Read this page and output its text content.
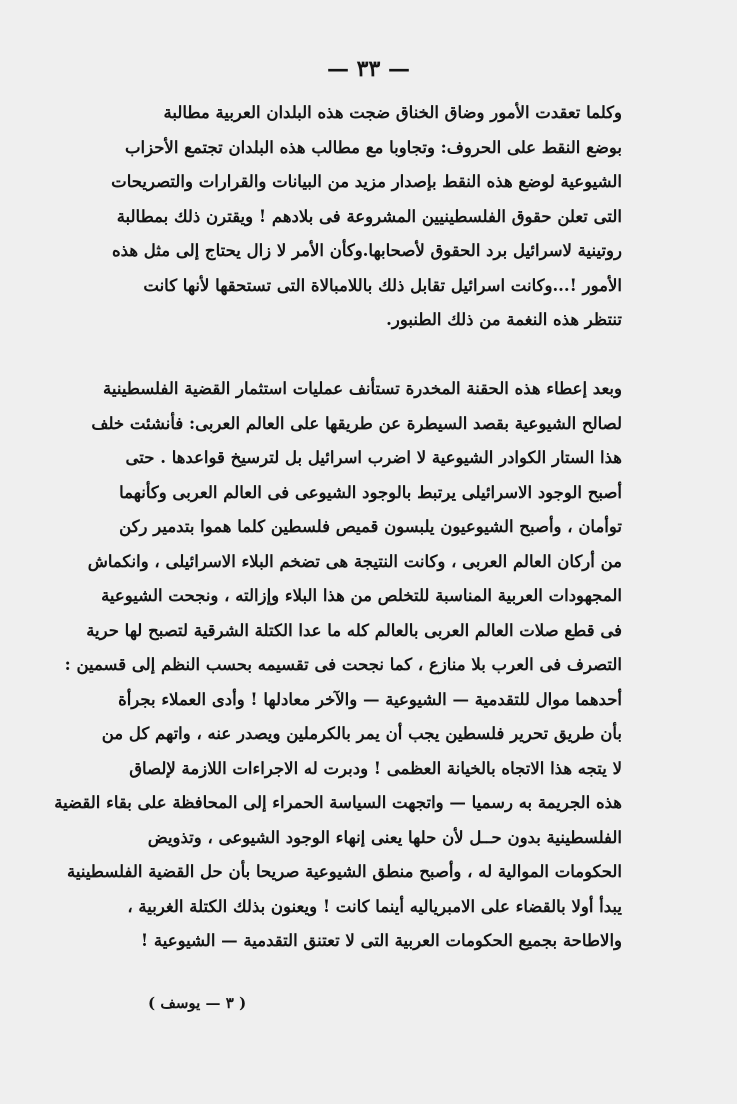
— ٣٣ —
وكلما تعقدت الأمور وضاق الخناق ضجت هذه البلدان العربية مطالبة
بوضع النقط على الحروف: وتجاوبا مع مطالب هذه البلدان تجتمع الأحزاب
الشيوعية لوضع هذه النقط بإصدار مزيد من البيانات والقرارات والتصريحات
التى تعلن حقوق الفلسطينيين المشروعة فى بلادهم ! ويقترن ذلك بمطالبة
روتينية لاسرائيل برد الحقوق لأصحابها.وكأن الأمر لا زال يحتاج إلى مثل هذه
الأمور !...وكانت اسرائيل تقابل ذلك باللامبالاة التى تستحقها لأنها كانت
تنتظر هذه النغمة من ذلك الطنبور.
وبعد إعطاء هذه الحقنة المخدرة تستأنف عمليات استثمار القضية الفلسطينية
لصالح الشيوعية بقصد السيطرة عن طريقها على العالم العربى: فأنشئت خلف
هذا الستار الكوادر الشيوعية لا اضرب اسرائيل بل لترسيخ قواعدها . حتى
أصبح الوجود الاسرائيلى يرتبط بالوجود الشيوعى فى العالم العربى وكأنهما
توأمان ، وأصبح الشيوعيون يلبسون قميص فلسطين كلما هموا بتدمير ركن
من أركان العالم العربى ، وكانت النتيجة هى تضخم البلاء الاسرائيلى ، وانكماش
المجهودات العربية المناسبة للتخلص من هذا البلاء وإزالته ، ونجحت الشيوعية
فى قطع صلات العالم العربى بالعالم كله ما عدا الكتلة الشرقية لتصبح لها حرية
التصرف فى العرب بلا منازع ، كما نجحت فى تقسيمه بحسب النظم إلى قسمين :
أحدهما موال للتقدمية — الشيوعية — والآخر معادلها ! وأدى العملاء بجرأة
بأن طريق تحرير فلسطين يجب أن يمر بالكرملين ويصدر عنه ، واتهم كل من
لا يتجه هذا الاتجاه بالخيانة العظمى ! ودبرت له الاجراءات اللازمة لإلصاق
هذه الجريمة به رسميا — واتجهت السياسة الحمراء إلى المحافظة على بقاء القضية
الفلسطينية بدون حــل لأن حلها يعنى إنهاء الوجود الشيوعى ، وتذويض
الحكومات الموالية له ، وأصبح منطق الشيوعية صريحا بأن حل القضية الفلسطينية
يبدأ أولا بالقضاء على الامبرياليه أينما كانت ! ويعنون بذلك الكتلة الغربية ،
والاطاحة بجميع الحكومات العربية التى لا تعتنق التقدمية — الشيوعية !
( ٣ — يوسف )
